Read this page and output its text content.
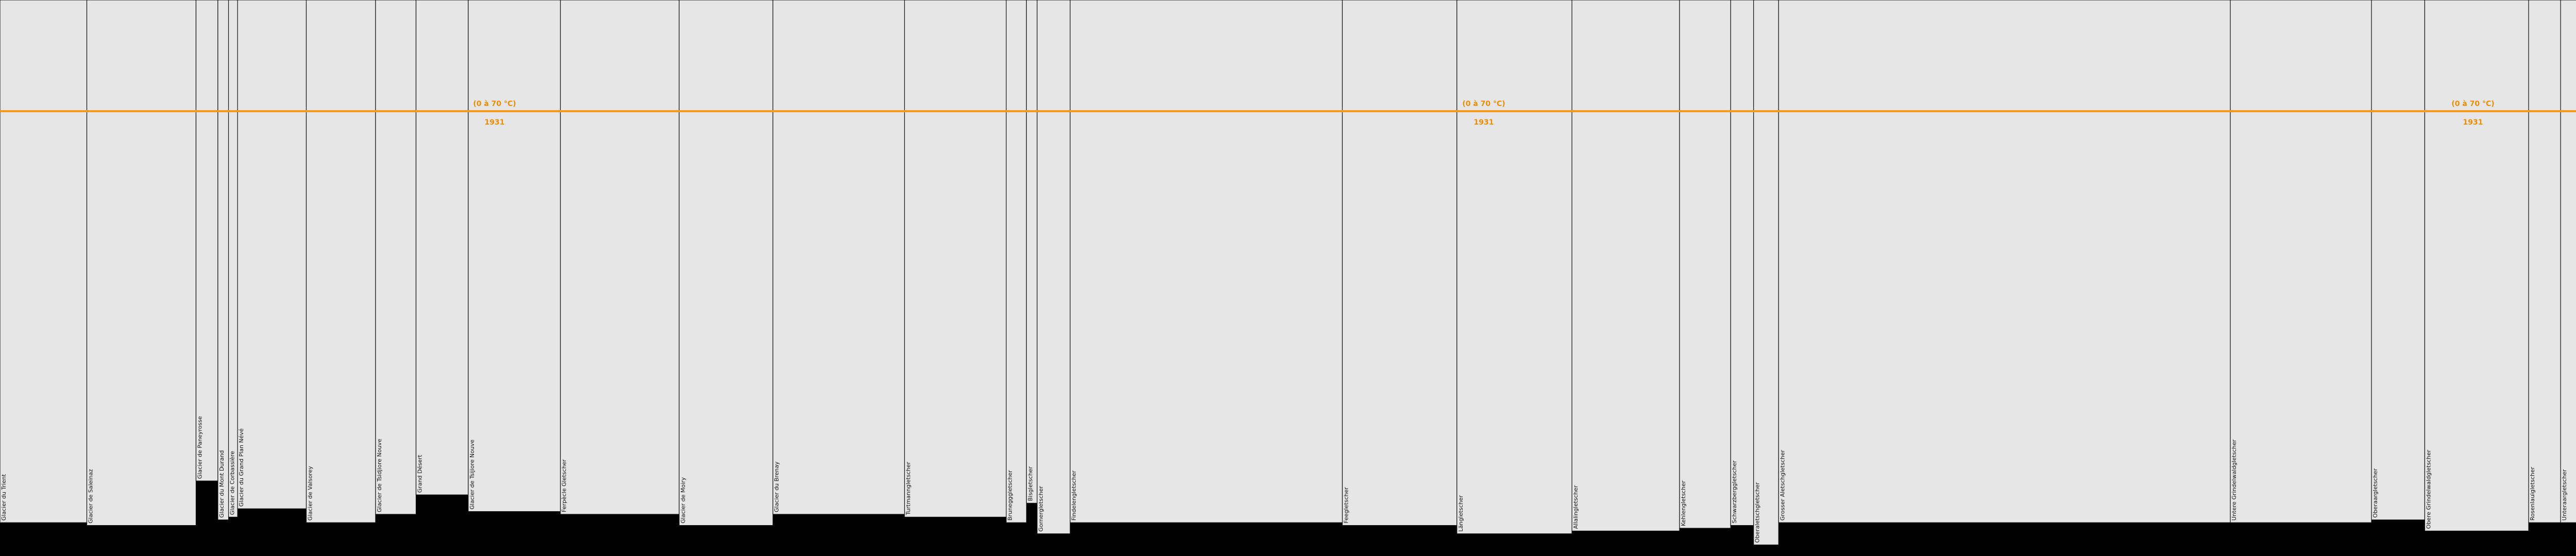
Glacier du Trient	Glacier de Saleinaz
Glacier de Paneyrosse
Glacier du Mont Durand Glacier de Corbassière Glacier du Grand Plan Névé	Glacier de Valsorey	Glacier de Tsidjiore Nouve	Grand Désert	Glacier de Tsijiore Nouve	Ferpècle Gletscher	Glacier de Moiry	Glacier du Brenay	Turtmanngletscher	Brunegggletscher Bisgletscher
Gornergletscher	Findelengletscher	Feegletscher	Längletscher	Allalingletscher	Kehlengletscher	Schwarzberggletscher	Oberaletschgletscher	Grosser Aletschgletscher	Untere Grindelwaldgletscher	Oberaargletscher	Obere Grindelwaldgletscher	Rosenlauigletscher	Unteraargletscher
(0 à 70 °C)
1931
(0 à 70 °C)
1931
(0 à 70 °C)
1931
